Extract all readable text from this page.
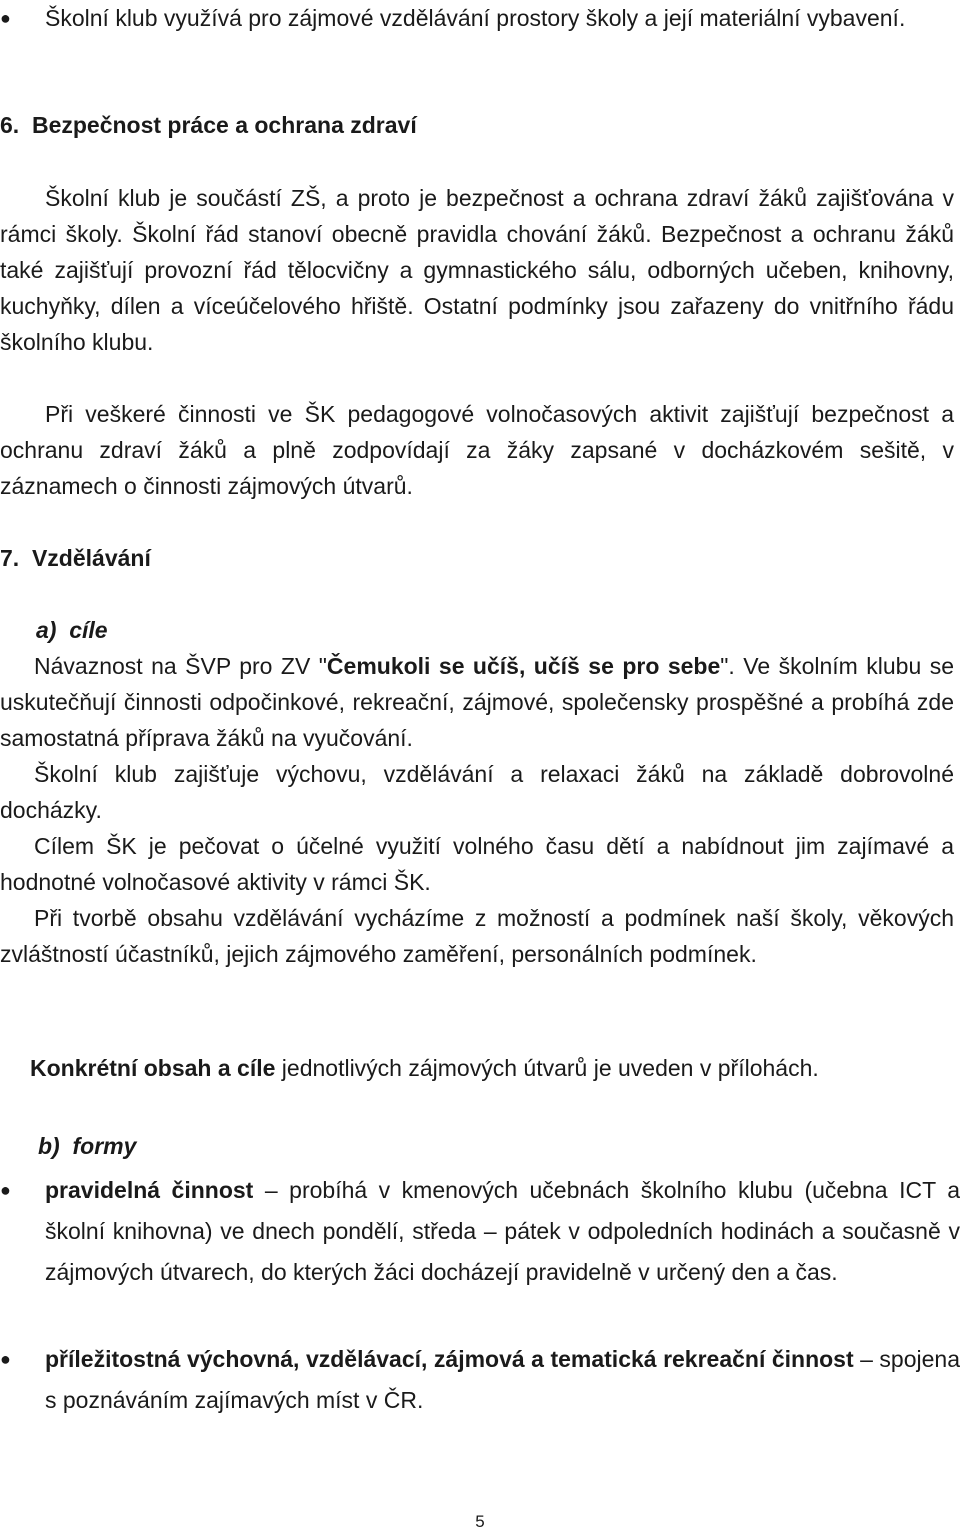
●	Školní klub využívá pro zájmové vzdělávání prostory školy a její materiální vybavení.
6.  Bezpečnost práce a ochrana zdraví

Školní klub je součástí ZŠ, a proto je bezpečnost a ochrana zdraví žáků zajišťována v rámci školy. Školní řád stanoví obecně pravidla chování žáků. Bezpečnost a ochranu žáků také zajišťují provozní řád tělocvičny a gymnastického sálu, odborných učeben, knihovny, kuchyňky, dílen a víceúčelového hřiště. Ostatní podmínky jsou zařazeny do vnitřního řádu školního klubu.

Při veškeré činnosti ve ŠK pedagogové volnočasových aktivit zajišťují bezpečnost a ochranu zdraví žáků a plně zodpovídají za žáky zapsané v docházkovém sešitě, v záznamech o činnosti zájmových útvarů.

7.  Vzdělávání
a)  cíle

Návaznost na ŠVP pro ZV "Čemukoli se učíš, učíš se pro sebe". Ve školním klubu se uskutečňují činnosti odpočinkové, rekreační, zájmové, společensky prospěšné a probíhá zde samostatná příprava žáků na vyučování.

Školní klub zajišťuje výchovu, vzdělávání a relaxaci žáků na základě dobrovolné docházky.

Cílem ŠK je pečovat o účelné využití volného času dětí a nabídnout jim zajímavé a hodnotné volnočasové aktivity v rámci ŠK.

Při tvorbě obsahu vzdělávání vycházíme z možností a podmínek naší školy, věkových zvláštností účastníků, jejich zájmového zaměření, personálních podmínek.

Konkrétní obsah a cíle jednotlivých zájmových útvarů je uveden v přílohách.

b)  formy
●	pravidelná činnost – probíhá v kmenových učebnách školního klubu (učebna ICT a školní knihovna) ve dnech pondělí, středa – pátek v odpoledních hodinách a současně v zájmových útvarech, do kterých žáci docházejí pravidelně v určený den a čas.
●	příležitostná výchovná, vzdělávací, zájmová a tematická rekreační činnost – spojena s poznáváním zajímavých míst v ČR.
5
